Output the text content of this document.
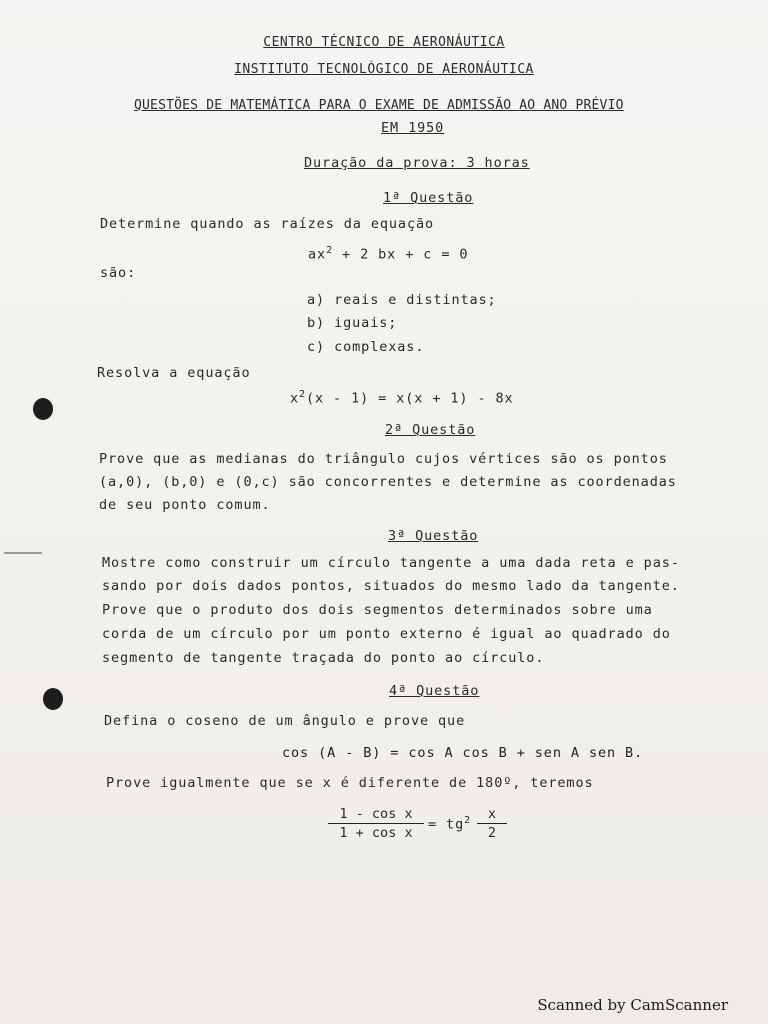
CENTRO TÉCNICO DE AERONÁUTICA
INSTITUTO TECNOLÓGICO DE AERONÁUTICA
QUESTÕES DE MATEMÁTICA PARA O EXAME DE ADMISSÃO AO ANO PRÉVIO
EM 1950
Duração da prova: 3 horas
1ª Questão
Determine quando as raízes da equação
$ax^2 + 2$ bx + c = 0
são:
a) reais e distintas;
b) iguais;
c) complexas.
Resolva a equação
$x^2(x - 1) = x(x + 1) - 8x$
2ª Questão
Prove que as medianas do triângulo cujos vértices são os pontos
(a,0), (b,0) e (0,c) são concorrentes e determine as coordenadas
de seu ponto comum.
3ª Questão
Mostre como construir um círculo tangente a uma dada reta e pas-
sando por dois dados pontos, situados do mesmo lado da tangente.
Prove que o produto dos dois segmentos determinados sobre uma
corda de um círculo por um ponto externo é igual ao quadrado do
segmento de tangente traçada do ponto ao círculo.
4ª Questão
Defina o coseno de um ângulo e prove que
cos (A - B) = cos A cos B + sen A sen B.
Prove igualmente que se x é diferente de 180º, teremos
$\frac{\text{1 - cos x}}{\text{1 + cos x}} = tg^2 \frac{x}{2}$
Scanned by CamScanner
